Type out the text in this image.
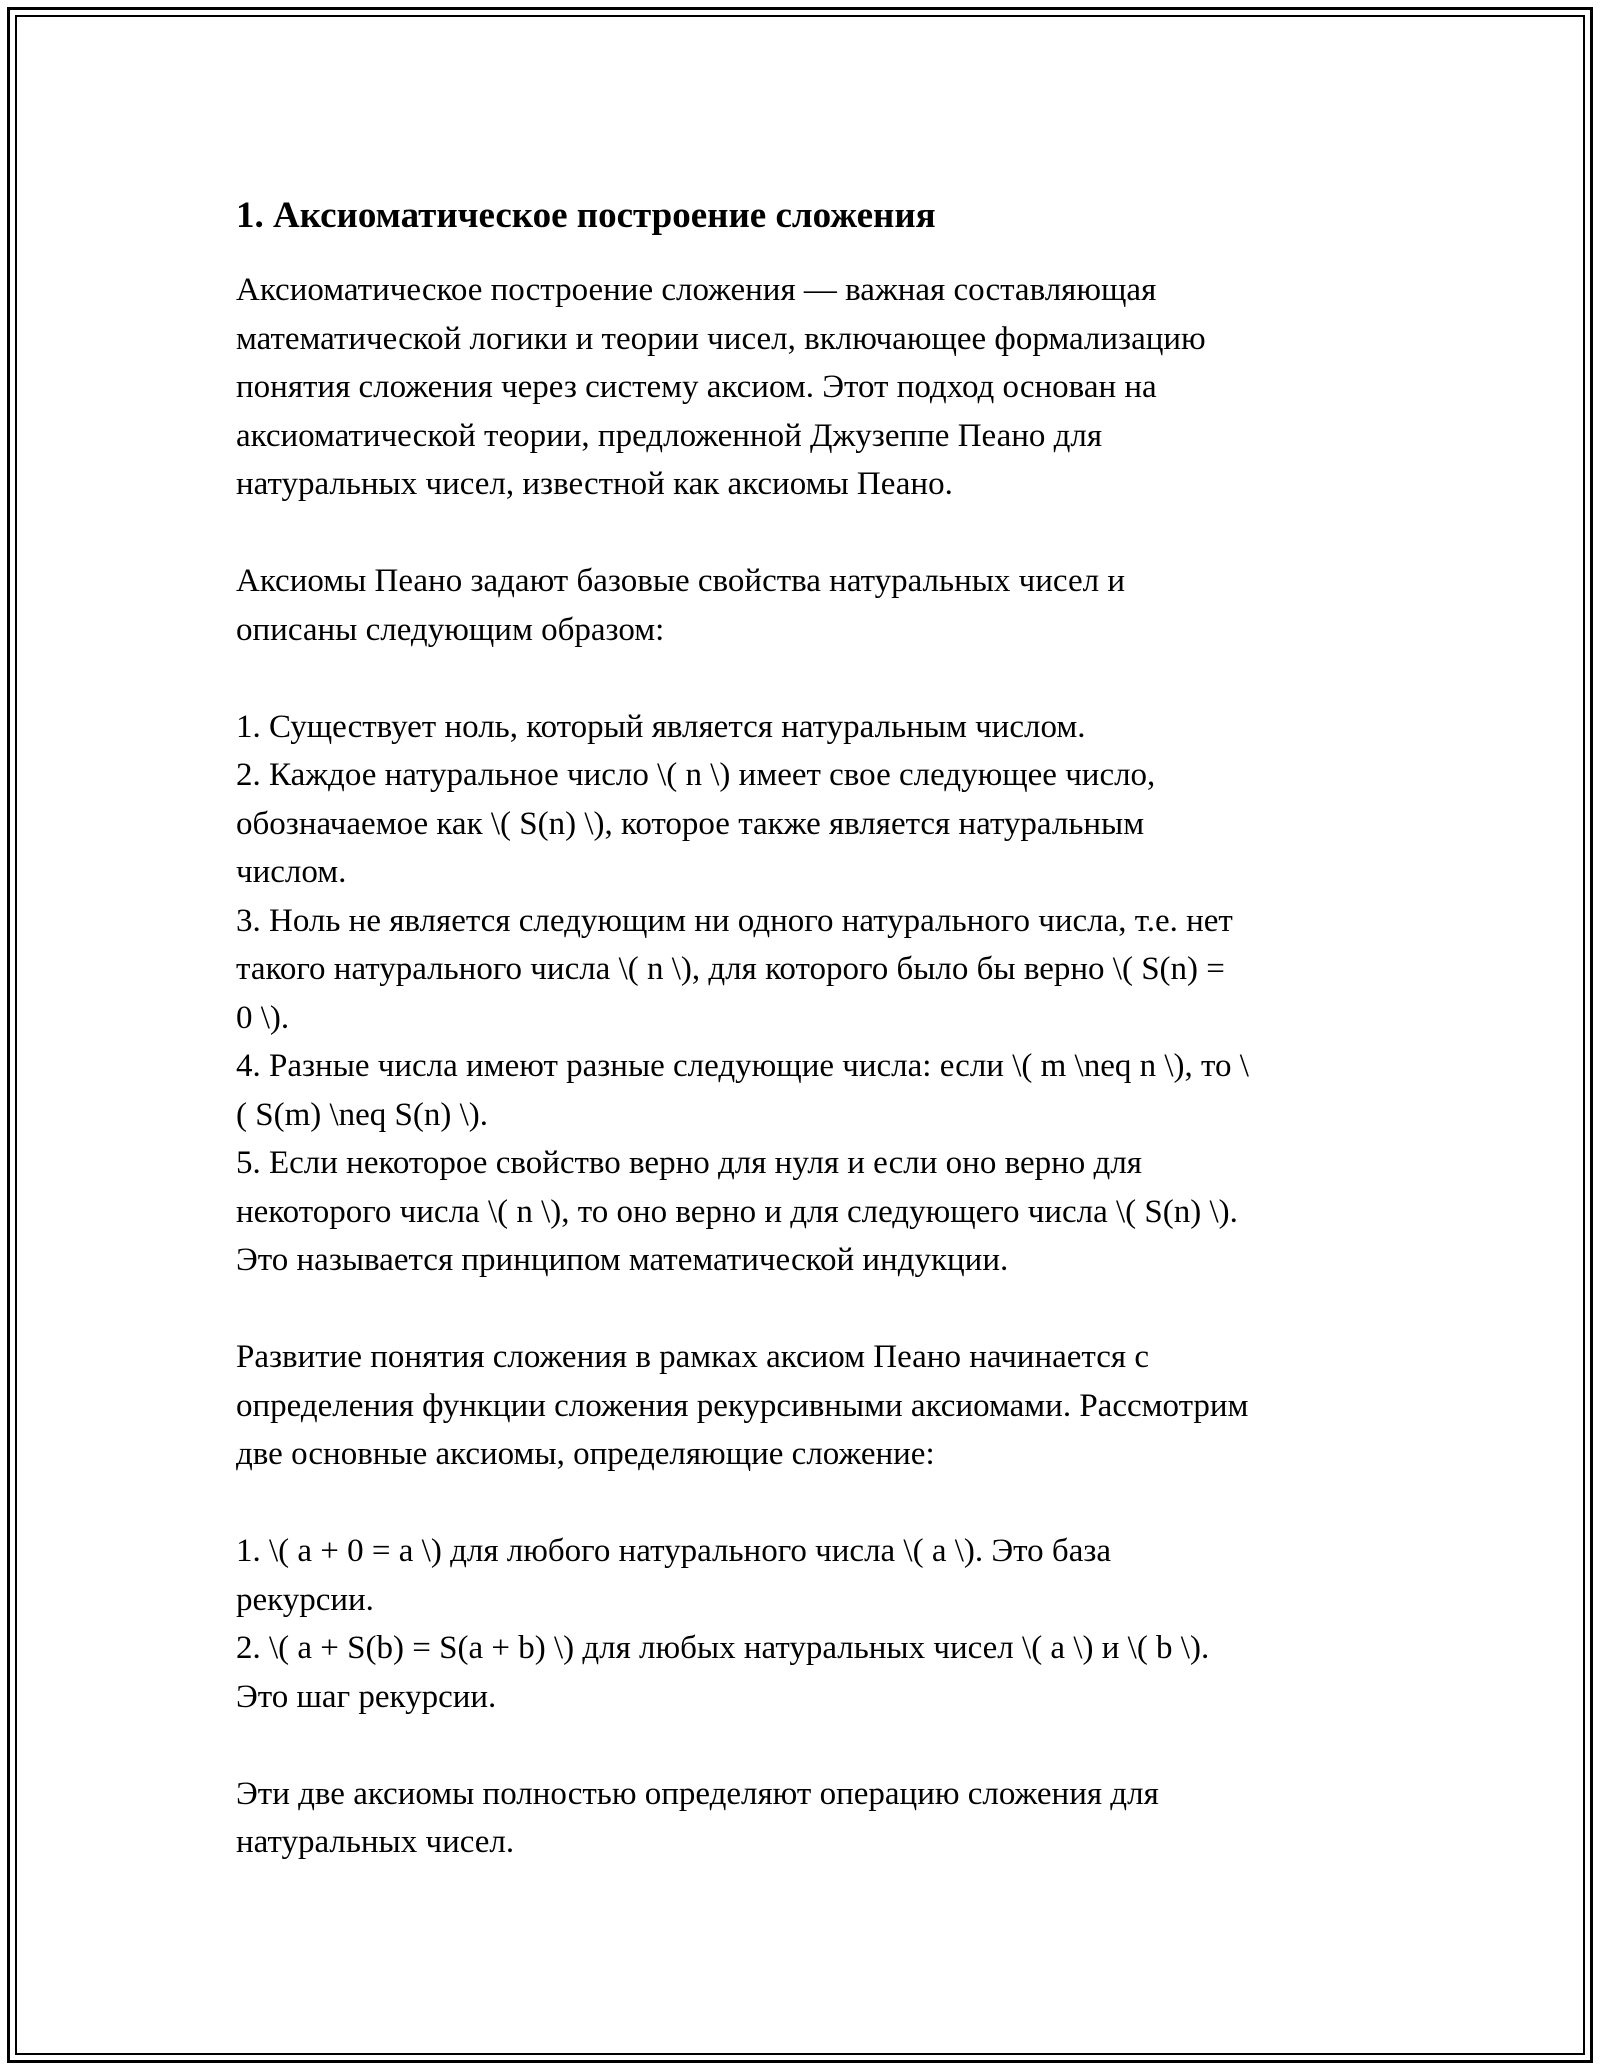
1. Аксиоматическое построение сложения
Аксиоматическое построение сложения — важная составляющая
математической логики и теории чисел, включающее формализацию
понятия сложения через систему аксиом. Этот подход основан на
аксиоматической теории, предложенной Джузеппе Пеано для
натуральных чисел, известной как аксиомы Пеано.
Аксиомы Пеано задают базовые свойства натуральных чисел и
описаны следующим образом:
1. Существует ноль, который является натуральным числом.
2. Каждое натуральное число \( n \) имеет свое следующее число,
обозначаемое как \( S(n) \), которое также является натуральным
числом.
3. Ноль не является следующим ни одного натурального числа, т.е. нет
такого натурального числа \( n \), для которого было бы верно \( S(n) =
0 \).
4. Разные числа имеют разные следующие числа: если \( m \neq n \), то \
( S(m) \neq S(n) \).
5. Если некоторое свойство верно для нуля и если оно верно для
некоторого числа \( n \), то оно верно и для следующего числа \( S(n) \).
Это называется принципом математической индукции.
Развитие понятия сложения в рамках аксиом Пеано начинается с
определения функции сложения рекурсивными аксиомами. Рассмотрим
две основные аксиомы, определяющие сложение:
1. \( a + 0 = a \) для любого натурального числа \( a \). Это база
рекурсии.
2. \( a + S(b) = S(a + b) \) для любых натуральных чисел \( a \) и \( b \).
Это шаг рекурсии.
Эти две аксиомы полностью определяют операцию сложения для
натуральных чисел.
